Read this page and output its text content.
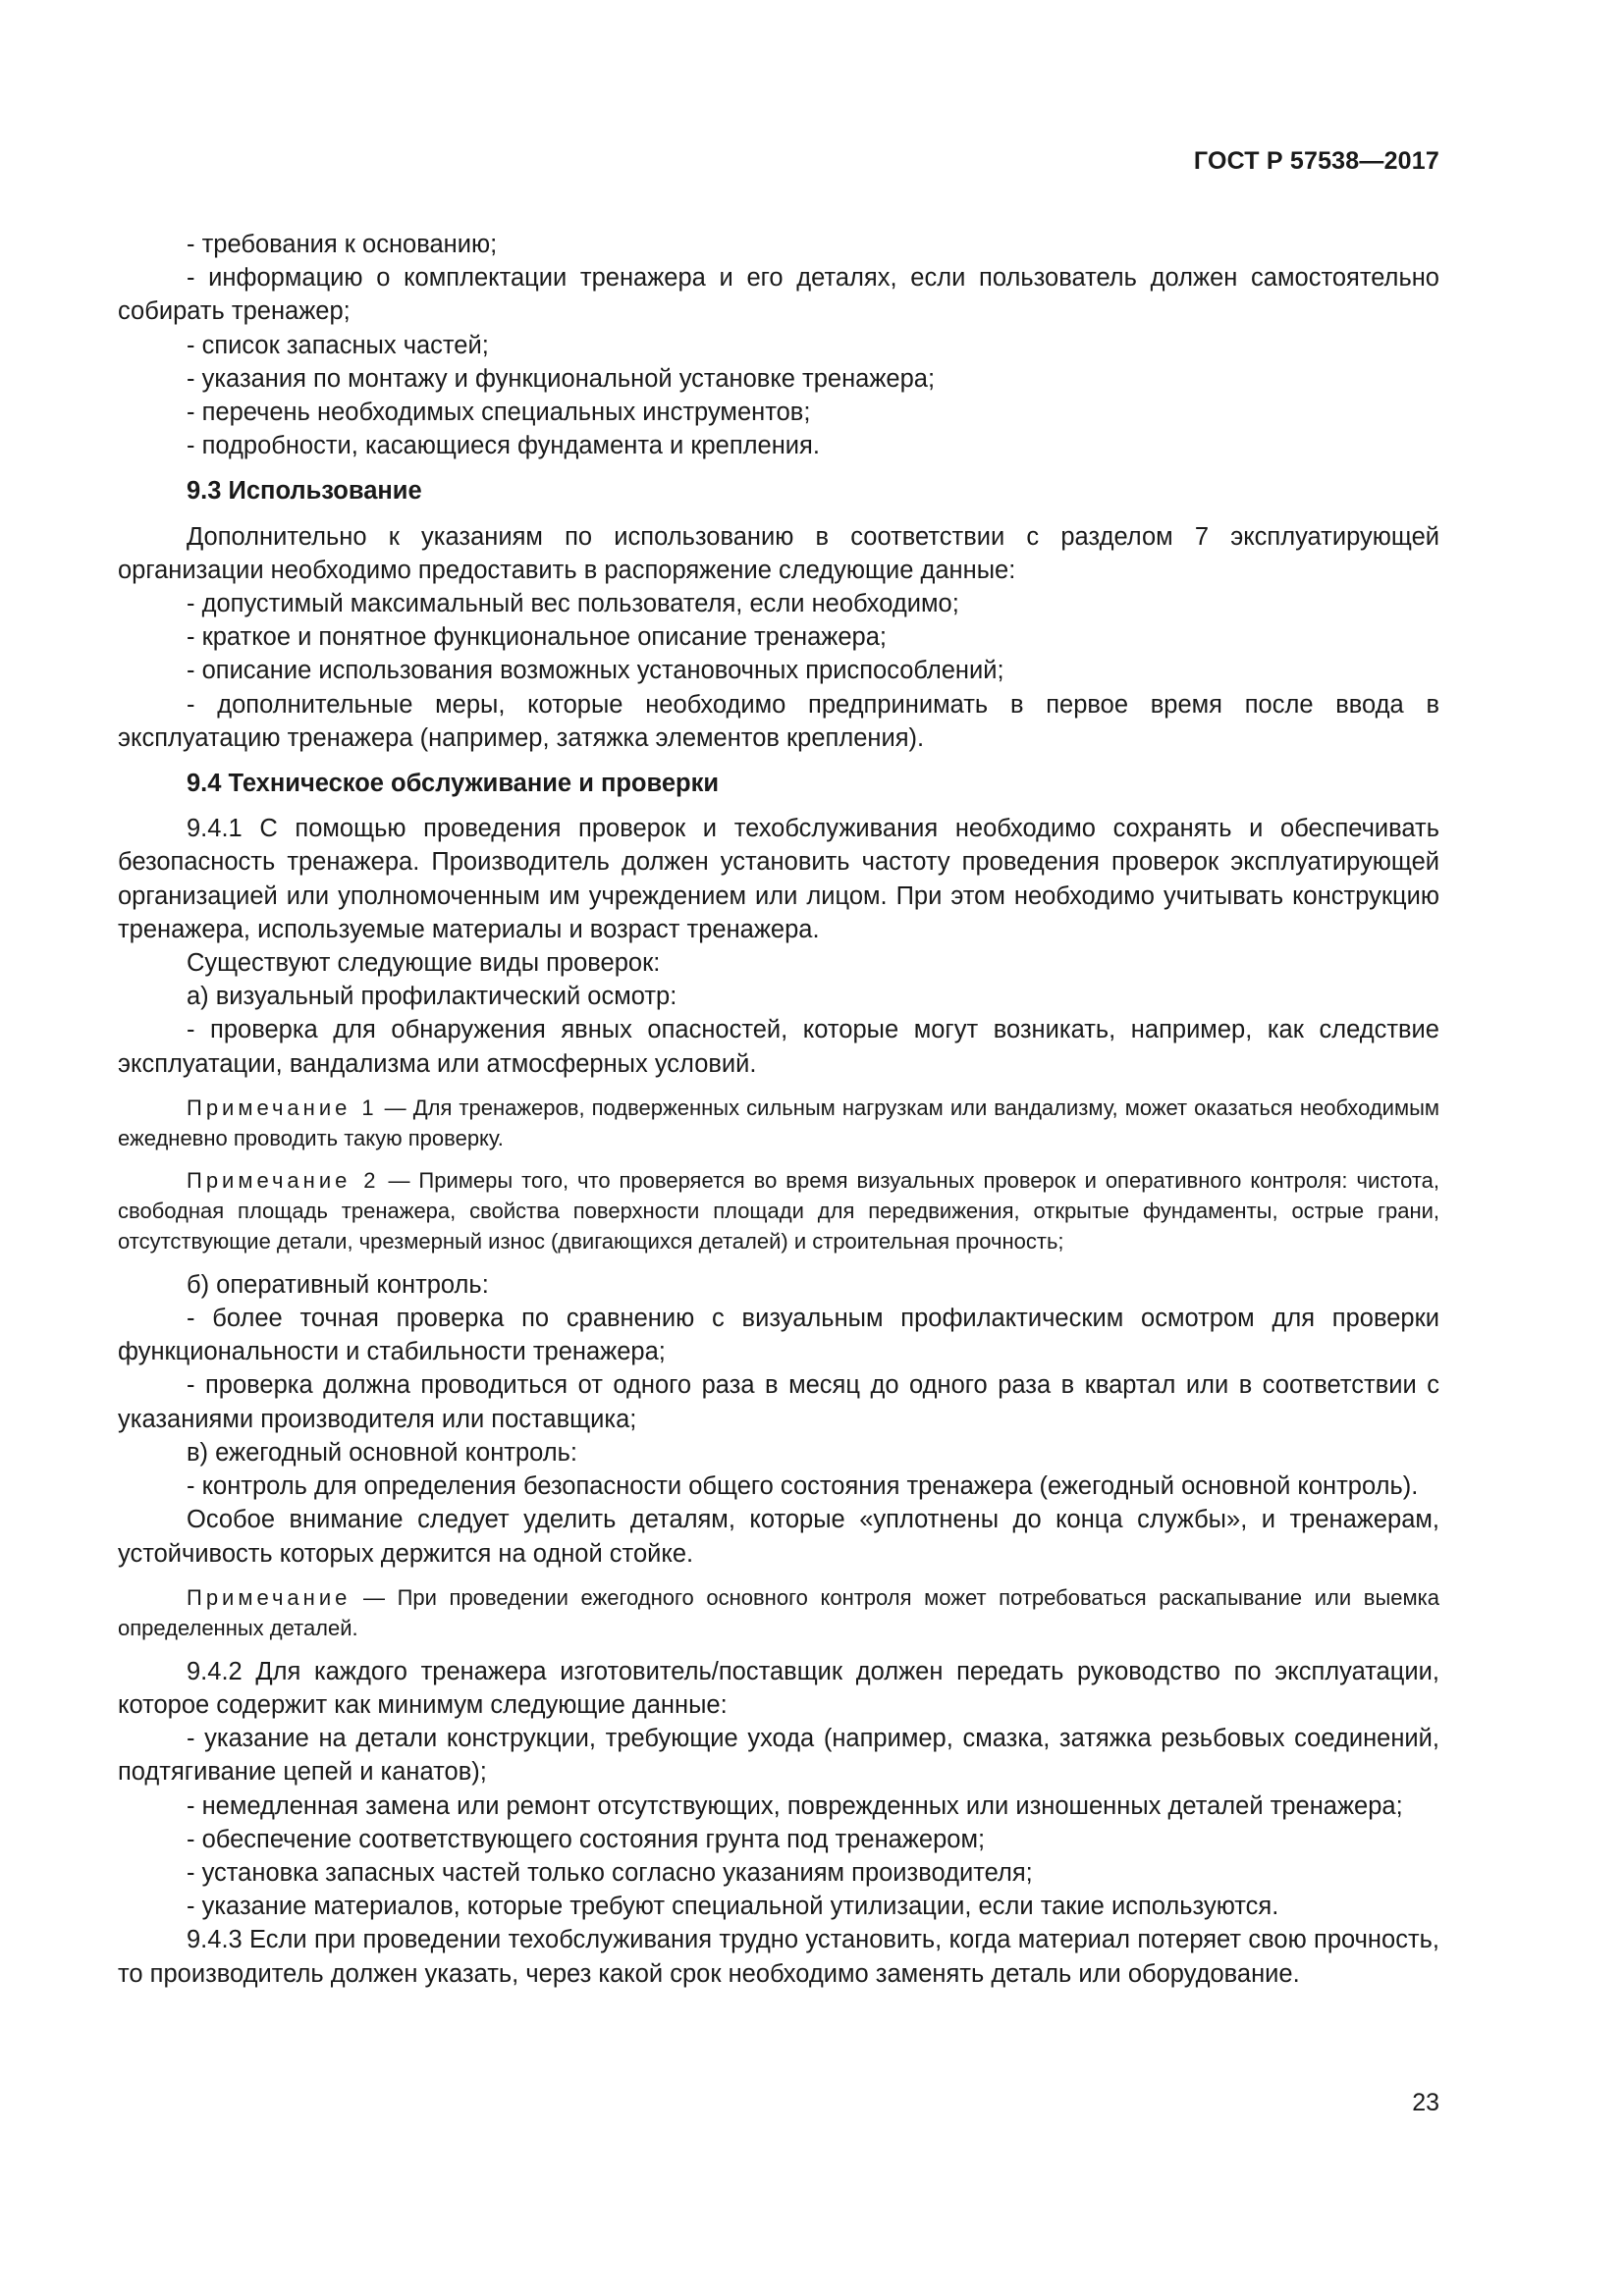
ГОСТ Р 57538—2017

- требования к основанию;

- информацию о комплектации тренажера и его деталях, если пользователь должен самостоятельно собирать тренажер;

- список запасных частей;

- указания по монтажу и функциональной установке тренажера;

- перечень необходимых специальных инструментов;

- подробности, касающиеся фундамента и крепления.

9.3 Использование

Дополнительно к указаниям по использованию в соответствии с разделом 7 эксплуатирующей организации необходимо предоставить в распоряжение следующие данные:

- допустимый максимальный вес пользователя, если необходимо;

- краткое и понятное функциональное описание тренажера;

- описание использования возможных установочных приспособлений;

- дополнительные меры, которые необходимо предпринимать в первое время после ввода в эксплуатацию тренажера (например, затяжка элементов крепления).

9.4 Техническое обслуживание и проверки

9.4.1 С помощью проведения проверок и техобслуживания необходимо сохранять и обеспечивать безопасность тренажера. Производитель должен установить частоту проведения проверок эксплуатирующей организацией или уполномоченным им учреждением или лицом. При этом необходимо учитывать конструкцию тренажера, используемые материалы и возраст тренажера.

Существуют следующие виды проверок:

а) визуальный профилактический осмотр:

- проверка для обнаружения явных опасностей, которые могут возникать, например, как следствие эксплуатации, вандализма или атмосферных условий.

Примечание 1 — Для тренажеров, подверженных сильным нагрузкам или вандализму, может оказаться необходимым ежедневно проводить такую проверку.

Примечание 2 — Примеры того, что проверяется во время визуальных проверок и оперативного контроля: чистота, свободная площадь тренажера, свойства поверхности площади для передвижения, открытые фундаменты, острые грани, отсутствующие детали, чрезмерный износ (двигающихся деталей) и строительная прочность;

б) оперативный контроль:

- более точная проверка по сравнению с визуальным профилактическим осмотром для проверки функциональности и стабильности тренажера;

- проверка должна проводиться от одного раза в месяц до одного раза в квартал или в соответствии с указаниями производителя или поставщика;

в) ежегодный основной контроль:

- контроль для определения безопасности общего состояния тренажера (ежегодный основной контроль).

Особое внимание следует уделить деталям, которые «уплотнены до конца службы», и тренажерам, устойчивость которых держится на одной стойке.

Примечание — При проведении ежегодного основного контроля может потребоваться раскапывание или выемка определенных деталей.

9.4.2 Для каждого тренажера изготовитель/поставщик должен передать руководство по эксплуатации, которое содержит как минимум следующие данные:

- указание на детали конструкции, требующие ухода (например, смазка, затяжка резьбовых соединений, подтягивание цепей и канатов);

- немедленная замена или ремонт отсутствующих, поврежденных или изношенных деталей тренажера;

- обеспечение соответствующего состояния грунта под тренажером;

- установка запасных частей только согласно указаниям производителя;

- указание материалов, которые требуют специальной утилизации, если такие используются.

9.4.3 Если при проведении техобслуживания трудно установить, когда материал потеряет свою прочность, то производитель должен указать, через какой срок необходимо заменять деталь или оборудование.

23
